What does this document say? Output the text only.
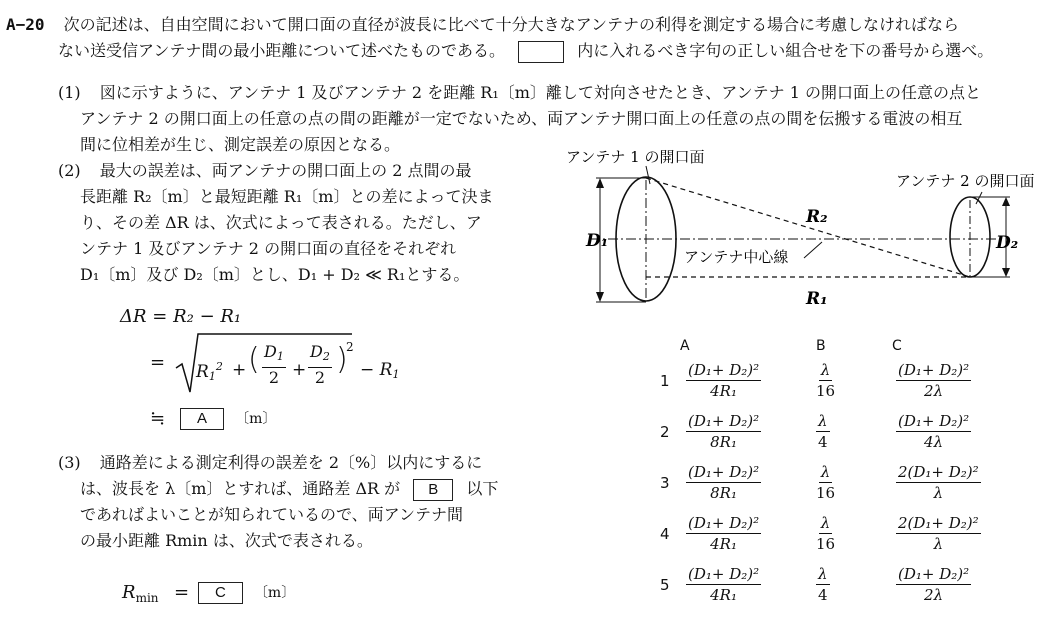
A−20 次の記述は、自由空間において開口面の直径が波長に比べて十分大きなアンテナの利得を測定する場合に考慮しなければなら
ない送受信アンテナ間の最小距離について述べたものである。	内に入れるべき字句の正しい組合せを下の番号から選べ。
(1) 図に示すように、アンテナ 1 及びアンテナ 2 を距離 R₁〔m〕離して対向させたとき、アンテナ 1 の開口面上の任意の点と
アンテナ 2 の開口面上の任意の点の間の距離が一定でないため、両アンテナ開口面上の任意の点の間を伝搬する電波の相互
間に位相差が生じ、測定誤差の原因となる。
(2) 最大の誤差は、両アンテナの開口面上の 2 点間の最
長距離 R₂〔m〕と最短距離 R₁〔m〕との差によって決ま
り、その差 ΔR は、次式によって表される。ただし、ア
ンテナ 1 及びアンテナ 2 の開口面の直径をそれぞれ
D₁〔m〕及び D₂〔m〕とし、D₁ + D₂ ≪ R₁とする。
ΔR = R₂ − R₁
= $R_1^2$ + ( $\frac{D_1}{2} + \frac{D_2}{2}$ )
2
− $R_1$
≒	A 〔m〕
(3) 通路差による測定利得の誤差を 2〔%〕以内にするに
は、波長を λ〔m〕とすれば、通路差 ΔR が B 以下
であればよいことが知られているので、両アンテナ間
の最小距離 Rmin は、次式で表される。
$R_{min}$ =	C 〔m〕
アンテナ 1 の開口面
アンテナ 2 の開口面
D₁	D₂
R₂
R₁
アンテナ中心線
	A	B	C
$1 \frac{\text{(D₁+ D₂)²}}{\text{4R₁}}$	$\frac{\lambda}{16}$	$\frac{\text{(D₁+ D₂)²}}{2\lambda}$
$2 \frac{\text{(D₁+ D₂)²}}{\text{8R₁}}$	$\frac{\lambda}{4}$	$\frac{\text{(D₁+ D₂)²}}{4\lambda}$
$3 \frac{\text{(D₁+ D₂)²}}{\text{8R₁}}$	$\frac{\lambda}{16}$	$\frac{\text{2(D₁+ D₂)²}}{\lambda}$
$4 \frac{\text{(D₁+ D₂)²}}{\text{4R₁}}$	$\frac{\lambda}{16}$	$\frac{\text{2(D₁+ D₂)²}}{\lambda}$
$5 \frac{\text{(D₁+ D₂)²}}{\text{4R₁}}$	$\frac{\lambda}{4}$	$\frac{\text{(D₁+ D₂)²}}{2\lambda}$
